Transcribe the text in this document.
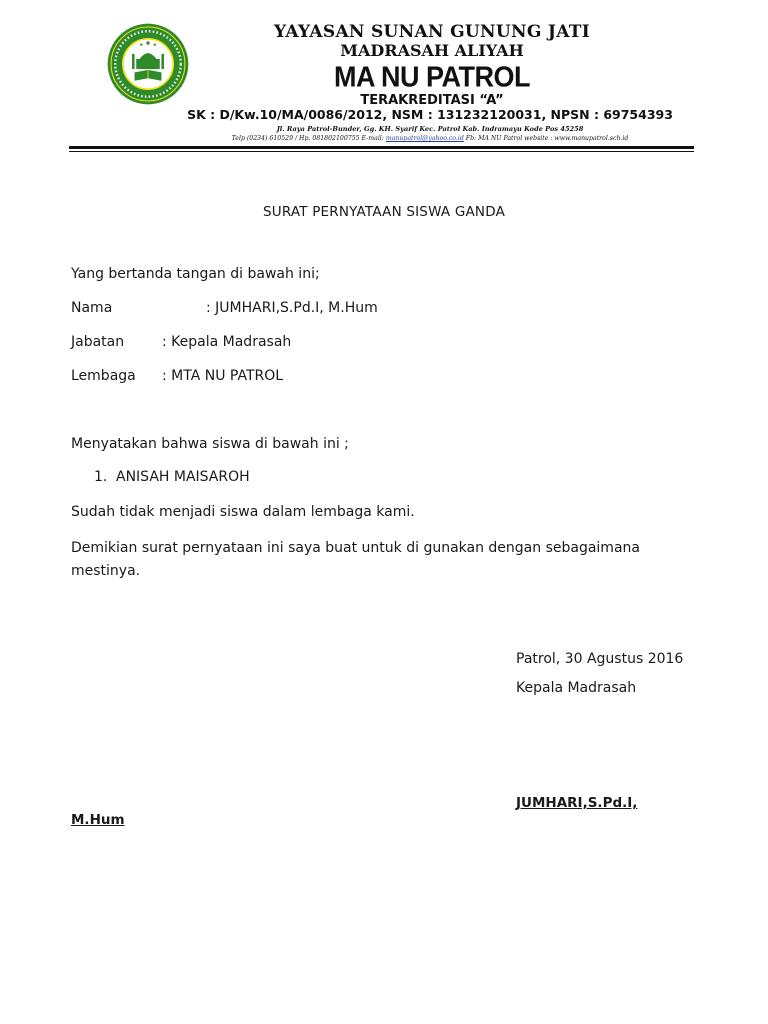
YAYASAN SUNAN GUNUNG JATI
MADRASAH ALIYAH
MA NU PATROL
TERAKREDITASI “A”
SK : D/Kw.10/MA/0086/2012, NSM : 131232120031, NPSN : 69754393
Jl. Raya Patrol-Bunder, Gg. KH. Syarif Kec. Patrol Kab. Indramayu Kode Pos 45258
Telp (0234) 610529 / Hp. 081802100755 E-mail: manupatrol@yahoo.co.id Fb: MA NU Patrol website : www.manupatrol.sch.id
SURAT PERNYATAAN SISWA GANDA
Yang bertanda tangan di bawah ini;
Nama	: JUMHARI,S.Pd.I, M.Hum
Jabatan	: Kepala Madrasah
Lembaga : MTA NU PATROL
Menyatakan bahwa siswa di bawah ini ;
1. ANISAH MAISAROH
Sudah tidak menjadi siswa dalam lembaga kami.
Demikian surat pernyataan ini saya buat untuk di gunakan dengan sebagaimana mestinya.
Patrol, 30 Agustus 2016
Kepala Madrasah
JUMHARI,S.Pd.I,
M.Hum
